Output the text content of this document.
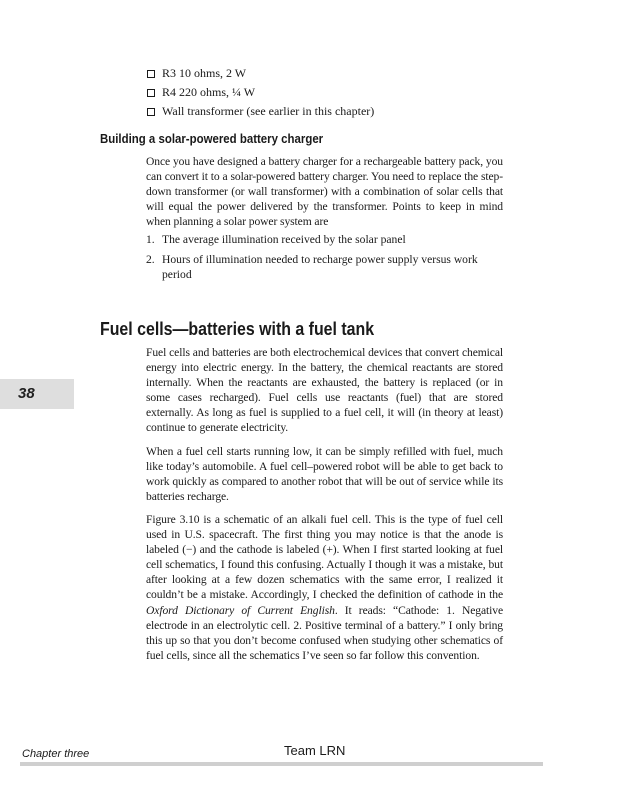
R3 10 ohms, 2 W
R4 220 ohms, ¼ W
Wall transformer (see earlier in this chapter)
Building a solar-powered battery charger

Once you have designed a battery charger for a rechargeable battery pack, you can convert it to a solar-powered battery charger. You need to replace the step-down transformer (or wall transformer) with a combination of solar cells that will equal the power delivered by the transformer. Points to keep in mind when planning a solar power system are

1. The average illumination received by the solar panel
2. Hours of illumination needed to recharge power supply versus work period
Fuel cells—batteries with a fuel tank

Fuel cells and batteries are both electrochemical devices that convert chemical energy into electric energy. In the battery, the chemical reactants are stored internally. When the reactants are exhausted, the battery is replaced (or in some cases recharged). Fuel cells use reactants (fuel) that are stored externally. As long as fuel is supplied to a fuel cell, it will (in theory at least) continue to generate electricity.

When a fuel cell starts running low, it can be simply refilled with fuel, much like today’s automobile. A fuel cell–powered robot will be able to get back to work quickly as compared to another robot that will be out of service while its batteries recharge.

Figure 3.10 is a schematic of an alkali fuel cell. This is the type of fuel cell used in U.S. spacecraft. The first thing you may notice is that the anode is labeled (−) and the cathode is labeled (+). When I first started looking at fuel cell schematics, I found this confusing. Actually I though it was a mistake, but after looking at a few dozen schematics with the same error, I realized it couldn’t be a mistake. Accordingly, I checked the definition of cathode in the Oxford Dictionary of Current English. It reads: “Cathode: 1. Negative electrode in an electrolytic cell. 2. Positive terminal of a battery.” I only bring this up so that you don’t become confused when studying other schematics of fuel cells, since all the schematics I’ve seen so far follow this convention.

38
Chapter three	Team LRN
